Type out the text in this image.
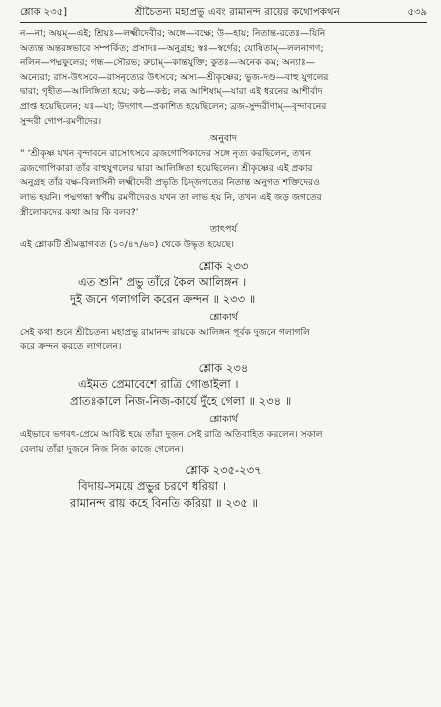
শ্লোক ২৩৫]	শ্রীচৈতন্য মহাপ্রভু এবং রামানন্দ রায়ের কথোপকথন	৫৩৯

ন—না; অয়ম্—এই; শ্রিয়ঃ—লক্ষ্মীদেবীর; অঙ্গে—বক্ষে; উ—হায়; নিতান্ত-রতেঃ—যিনি
অত্যন্ত অন্তরঙ্গভাবে সম্পর্কিত; প্রসাদঃ—অনুগ্রহ; স্বঃ—স্বর্গের; যোষিতাম্—ললনাগণ;
নলিন—পদ্মফুলের; গন্ধ—সৌরভ; রুচাম্—কান্তযুক্তি; কুতঃ—অনেক কম; অন্যাঃ—
অন্যেরা; রাস-উৎসবে—রাসনৃত্যের উৎসবে; অস্য—শ্রীকৃষ্ণের; ভুজ-দণ্ড—বাহু যুগলের
দ্বারা; গৃহীত—আলিঙ্গিতা হয়ে; কণ্ঠ—কণ্ঠ; লব্ধ আশিষাম্—যারা এই ধরনের আশীর্বাদ
প্রাপ্ত হয়েছিলেন; যঃ—যা; উদগাৎ—প্রকাশিত হয়েছিলেন; ব্রজ-সুন্দরীণাম্—বৃন্দাবনের
সুন্দরী গোপ-রমণীদের।

অনুবাদ

“ ‘শ্রীকৃষ্ণ যখন বৃন্দাবনে রাসোৎসবে ব্রজগোপিকাদের সঙ্গে নৃত্য করছিলেন, তখন
ব্রজগোপিকারা তাঁর বাহুযুগলের দ্বারা আলিঙ্গিতা হয়েছিলেন। শ্রীকৃষ্ণের এই প্রকার
অনুগ্রহ তাঁর বক্ষ-বিলাসিনী লক্ষ্মীদেবী প্রভৃতি চিদ্‌জগতের নিতান্ত অনুগত শক্তিদেরও
লাভ হয়নি। পদ্মগন্ধা স্বর্গীয় রমণীদেরও যখন তা লাভ হয় নি, তখন এই জড় জগতের
স্ত্রীলোকদের কথা আর কি বলব?’

তাৎপর্য

এই শ্লোকটি শ্রীমদ্ভাগবত (১০/৪৭/৬০) থেকে উদ্ধৃত হয়েছে।

শ্লোক ২৩৩
এত শুনি’ প্রভু তাঁরে কৈল আলিঙ্গন ।
দুই জনে গলাগলি করেন ক্রন্দন ॥ ২৩৩ ॥
শ্লোকার্থ

সেই কথা শুনে শ্রীচৈতন্য মহাপ্রভু রামানন্দ রায়কে আলিঙ্গন পূর্বক দুজনে গলাগলি
করে ক্রন্দন করতে লাগলেন।

শ্লোক ২৩৪
এইমত প্রেমাবেশে রাত্রি গোঙাইলা ।
প্রাতঃকালে নিজ-নিজ-কার্যে দুঁহে গেলা ॥ ২৩৪ ॥
শ্লোকার্থ

এইভাবে ভগবৎ-প্রেমে আবিষ্ট হয়ে তাঁরা দুজন সেই রাত্রি অতিবাহিত করলেন। সকাল
বেলায় তাঁরা দুজনে নিজ নিজ কাজে গেলেন।

শ্লোক ২৩৫-২৩৭
বিদায়-সময়ে প্রভুর চরণে ধরিয়া ।
রামানন্দ রায় কহে বিনতি করিয়া ॥ ২৩৫ ॥
